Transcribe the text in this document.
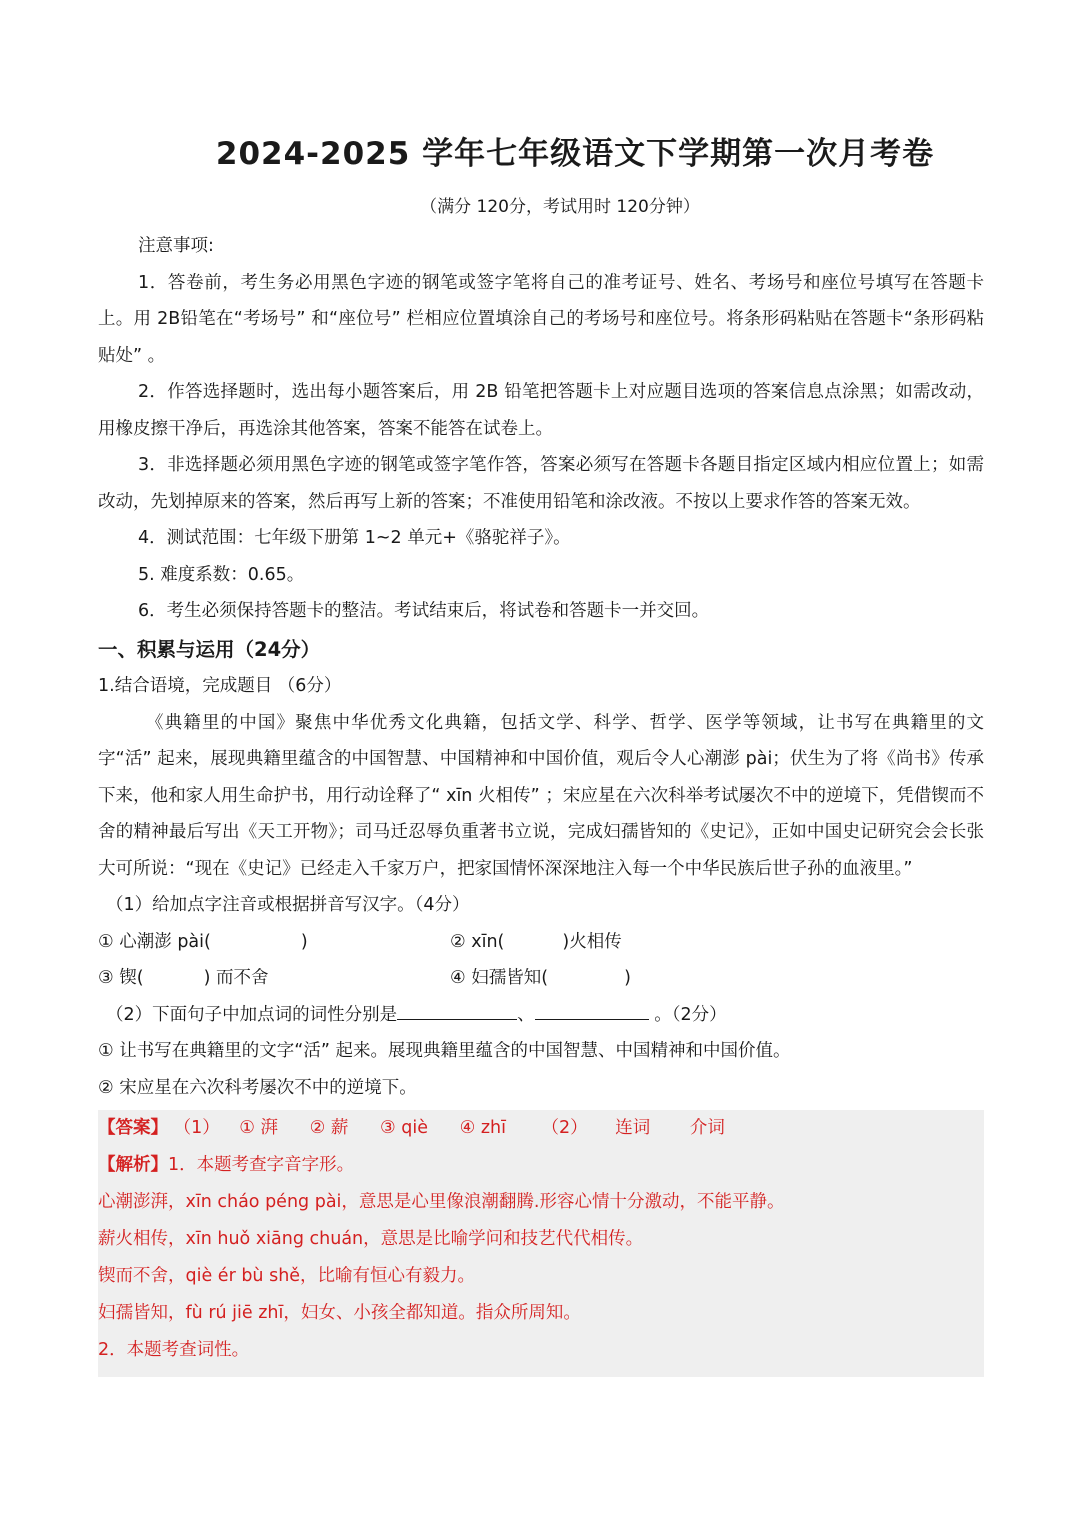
2024-2025 学年七年级语文下学期第一次月考卷
（满分 120分，考试用时 120分钟）
注意事项:
1．答卷前，考生务必用黑色字迹的钢笔或签字笔将自己的准考证号、姓名、考场号和座位号填写在答题卡上。用 2B铅笔在“考场号” 和“座位号” 栏相应位置填涂自己的考场号和座位号。将条形码粘贴在答题卡“条形码粘贴处” 。
2．作答选择题时，选出每小题答案后，用 2B 铅笔把答题卡上对应题目选项的答案信息点涂黑；如需改动，用橡皮擦干净后，再选涂其他答案，答案不能答在试卷上。
3．非选择题必须用黑色字迹的钢笔或签字笔作答，答案必须写在答题卡各题目指定区域内相应位置上；如需改动，先划掉原来的答案，然后再写上新的答案；不准使用铅笔和涂改液。不按以上要求作答的答案无效。
4．测试范围：七年级下册第 1~2 单元+《骆驼祥子》。
5. 难度系数：0.65。
6．考生必须保持答题卡的整洁。考试结束后，将试卷和答题卡一并交回。
一、积累与运用（24分）
1.结合语境，完成题目 （6分）
《典籍里的中国》聚焦中华优秀文化典籍，包括文学、科学、哲学、医学等领域，让书写在典籍里的文字“活” 起来，展现典籍里蕴含的中国智慧、中国精神和中国价值，观后令人心潮澎 pài；伏生为了将《尚书》传承下来，他和家人用生命护书，用行动诠释了“ xīn 火相传” ；宋应星在六次科举考试屡次不中的逆境下，凭借锲而不舍的精神最后写出《天工开物》；司马迁忍辱负重著书立说，完成妇孺皆知的《史记》，正如中国史记研究会会长张大可所说：“现在《史记》已经走入千家万户，把家国情怀深深地注入每一个中华民族后世子孙的血液里。”
（1）给加点字注音或根据拼音写汉字。（4分）
① 心潮澎 pài(	)	② xīn(	)火相传
③ 锲(	) 而不舍	④ 妇孺皆知(	)
（2）下面句子中加点词的词性分别是	、	。（2分）
① 让书写在典籍里的文字“活” 起来。展现典籍里蕴含的中国智慧、中国精神和中国价值。
② 宋应星在六次科考屡次不中的逆境下。
【答案】 （1） ① 湃 ② 薪 ③ qiè ④ zhī （2） 连词 介词
【解析】1．本题考查字音字形。
心潮澎湃，xīn cháo péng pài，意思是心里像浪潮翻腾.形容心情十分激动，不能平静。
薪火相传，xīn huǒ xiāng chuán，意思是比喻学问和技艺代代相传。
锲而不舍，qiè ér bù shě，比喻有恒心有毅力。
妇孺皆知，fù rú jiē zhī，妇女、小孩全都知道。指众所周知。
2．本题考查词性。
